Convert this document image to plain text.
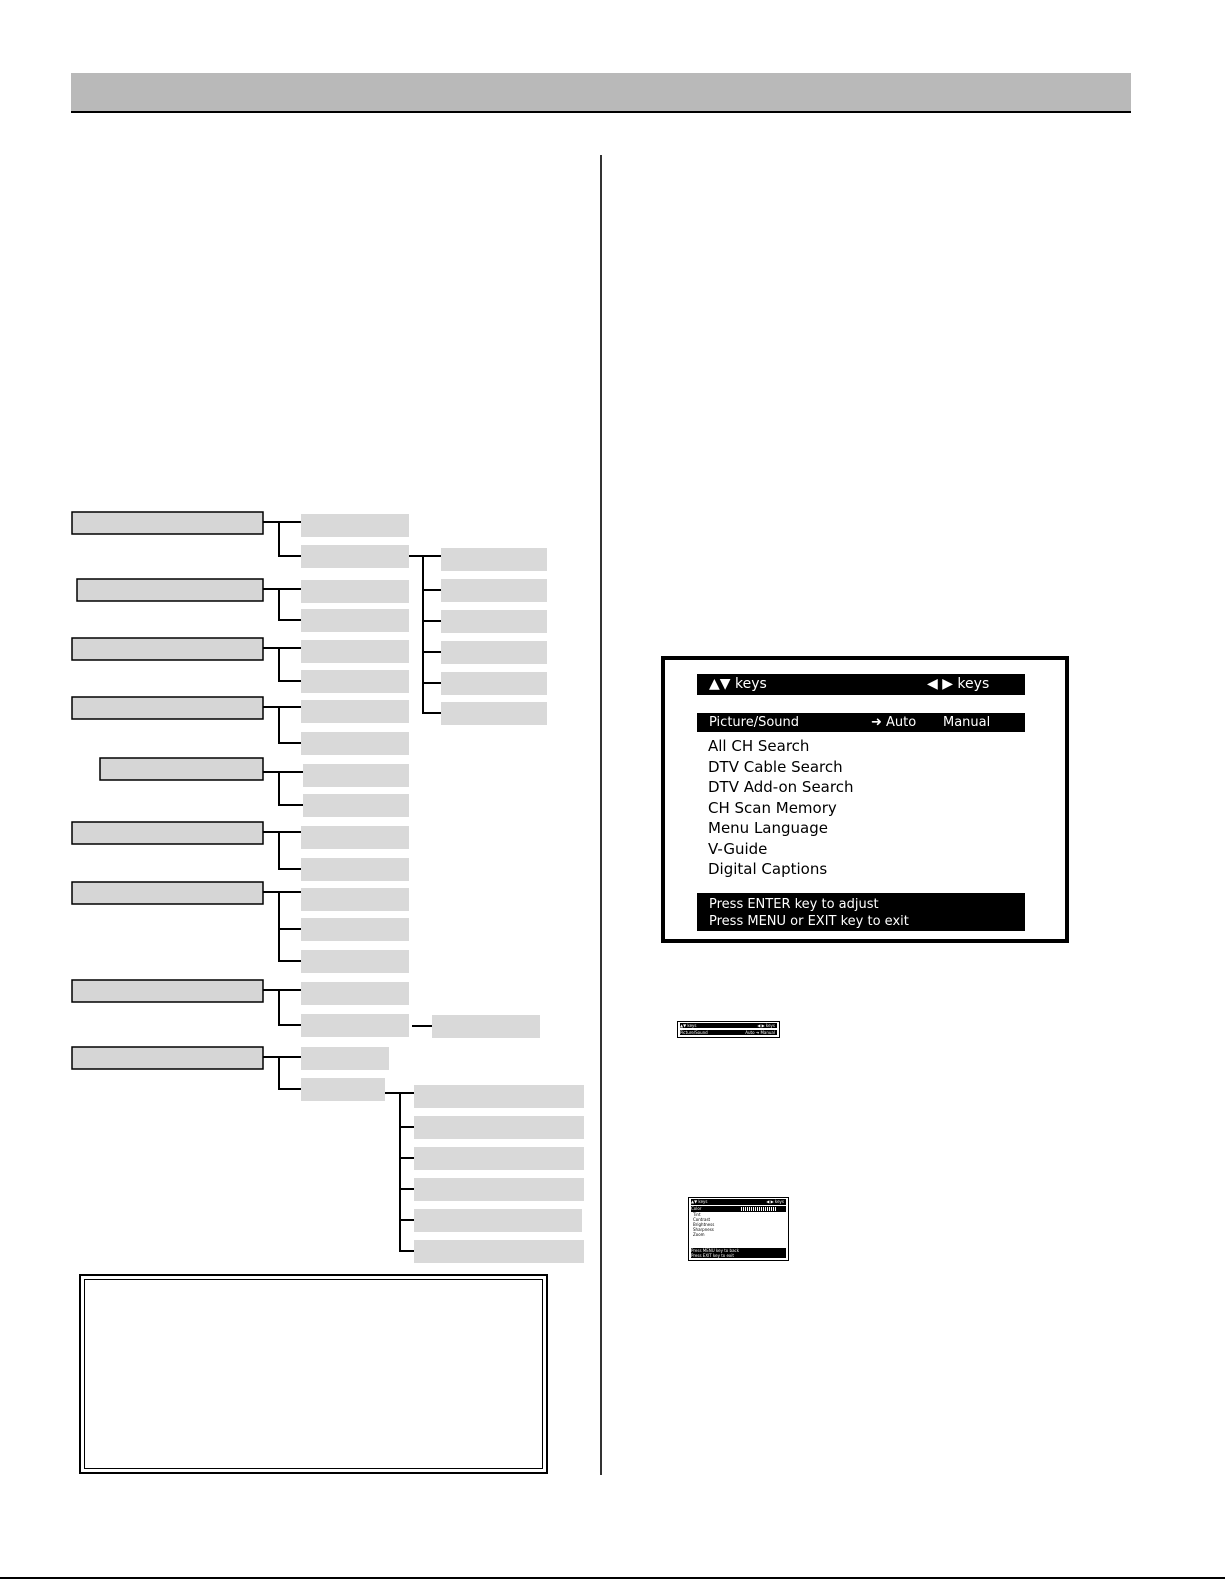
▲▼ keys	◀ ▶ keys
Picture/Sound	➜ Auto Manual
All CH Search
DTV Cable Search
DTV Add-on Search
CH Scan Memory
Menu Language
V-Guide
Digital Captions
Press ENTER key to adjust
Press MENU or EXIT key to exit
▲▼ keys	◀ ▶ keys
Picture/Sound	Auto ➜ Manual
▲▼ keys	◀ ▶ keys
Color
Tint
Contrast
Brightness
Sharpness
Zoom
Press MENU key to back
Press EXIT key to exit
